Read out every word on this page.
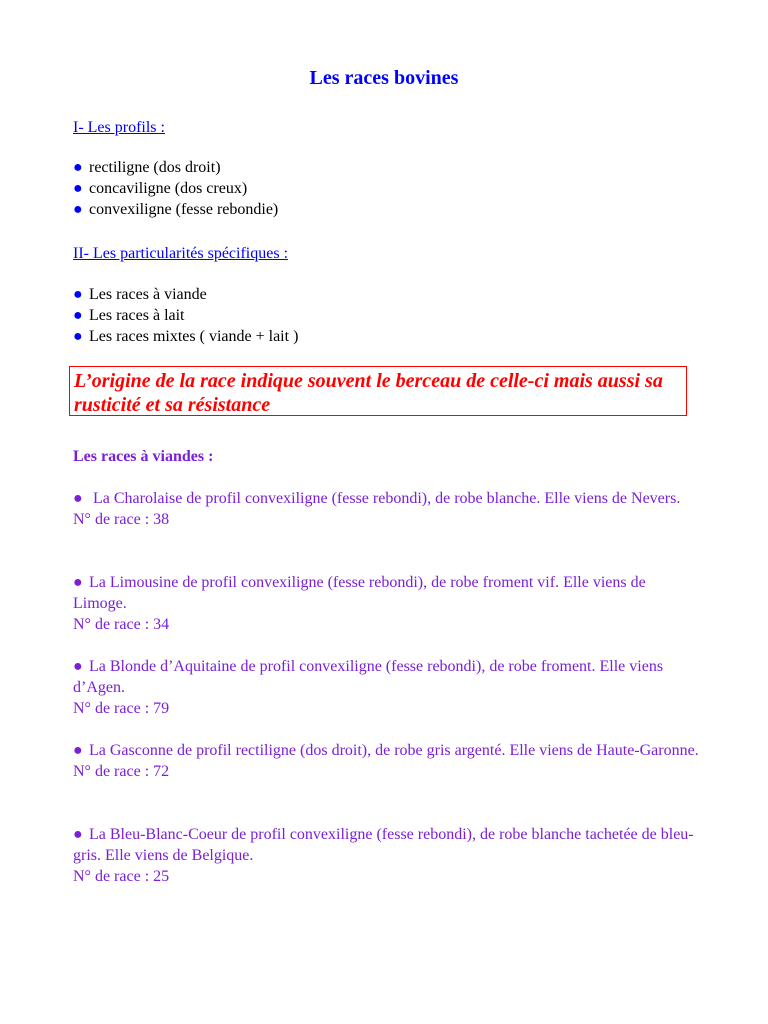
Les races bovines
I- Les profils :
● rectiligne (dos droit)
● concaviligne (dos creux)
● convexiligne (fesse rebondie)
II- Les particularités spécifiques :
● Les races à viande
● Les races à lait
● Les races mixtes ( viande + lait )
L’origine de la race indique souvent le berceau de celle-ci mais aussi sa rusticité et sa résistance
Les races à viandes :
● La Charolaise de profil convexiligne (fesse rebondi), de robe blanche. Elle viens de Nevers.
N° de race : 38
● La Limousine de profil convexiligne (fesse rebondi), de robe froment vif. Elle viens de Limoge.
N° de race : 34
● La Blonde d’Aquitaine de profil convexiligne (fesse rebondi), de robe froment. Elle viens d’Agen.
N° de race : 79
● La Gasconne de profil rectiligne (dos droit), de robe gris argenté. Elle viens de Haute-Garonne.
N° de race : 72
● La Bleu-Blanc-Coeur de profil convexiligne (fesse rebondi), de robe blanche tachetée de bleu-gris. Elle viens de Belgique.
N° de race : 25
